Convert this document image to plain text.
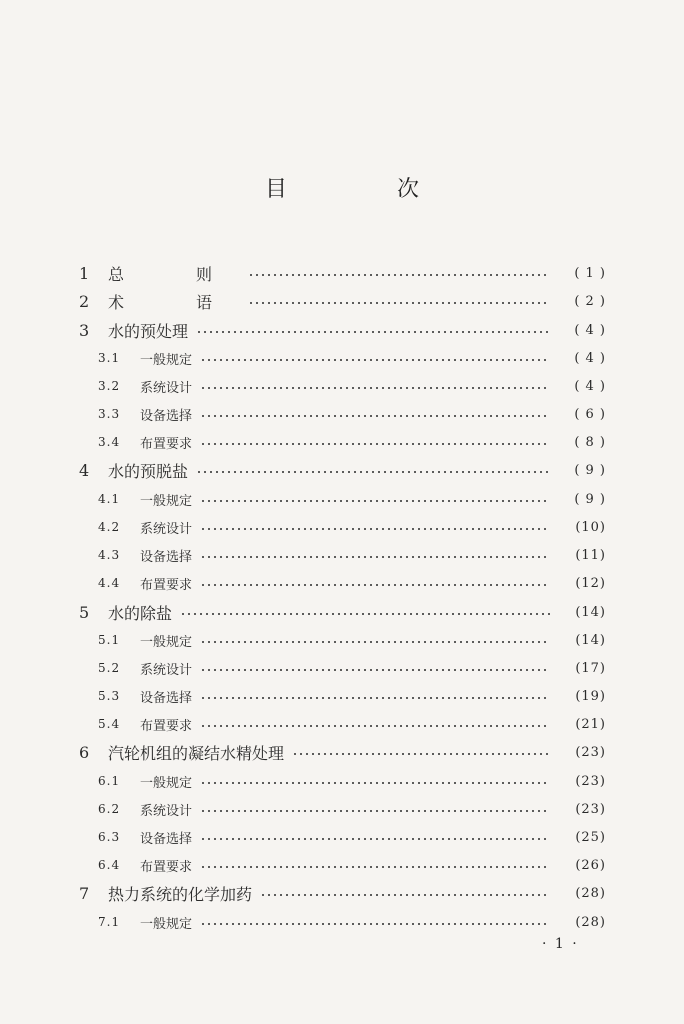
目　次
1	总　则	( 1 )
2	术　语	( 2 )
3	水的预处理	( 4 )
3.1	一般规定	( 4 )
3.2	系统设计	( 4 )
3.3	设备选择	( 6 )
3.4	布置要求	( 8 )
4	水的预脱盐	( 9 )
4.1	一般规定	( 9 )
4.2	系统设计	(10)
4.3	设备选择	(11)
4.4	布置要求	(12)
5	水的除盐	(14)
5.1	一般规定	(14)
5.2	系统设计	(17)
5.3	设备选择	(19)
5.4	布置要求	(21)
6	汽轮机组的凝结水精处理	(23)
6.1	一般规定	(23)
6.2	系统设计	(23)
6.3	设备选择	(25)
6.4	布置要求	(26)
7	热力系统的化学加药	(28)
7.1	一般规定	(28)
· 1 ·
